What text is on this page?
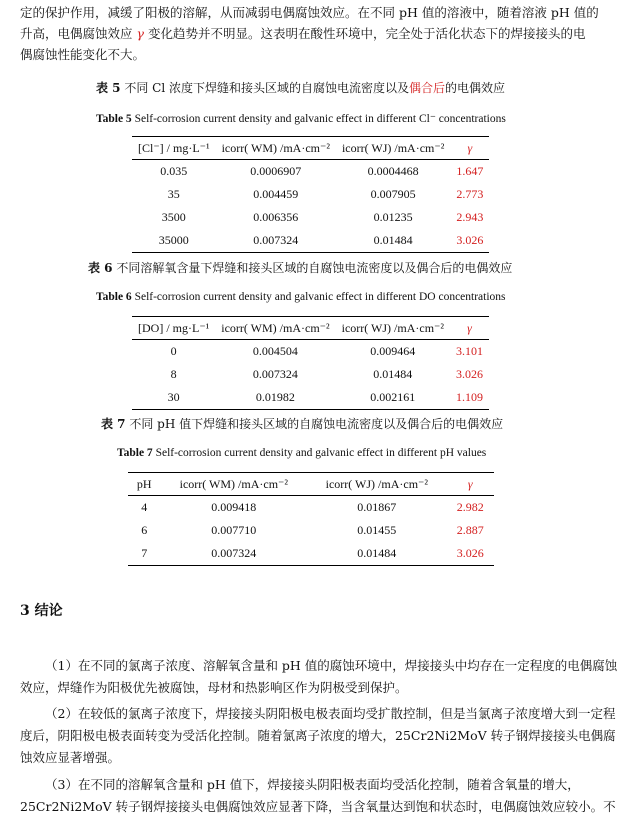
定的保护作用，减缓了阳极的溶解，从而减弱电偶腐蚀效应。在不同 pH 值的溶液中，随着溶液 pH 值的
升高，电偶腐蚀效应 γ 变化趋势并不明显。这表明在酸性环境中，完全处于活化状态下的焊接接头的电
偶腐蚀性能变化不大。
表 5 不同 Cl 浓度下焊缝和接头区域的自腐蚀电流密度以及偶合后的电偶效应
Table 5 Self-corrosion current density and galvanic effect in different Cl⁻ concentrations
[Cl⁻] / mg·L⁻¹	icorr( WM) /mA·cm⁻²	icorr( WJ) /mA·cm⁻²	γ
0.035	0.0006907	0.0004468	1.647
35	0.004459	0.007905	2.773
3500	0.006356	0.01235	2.943
35000	0.007324	0.01484	3.026
表 6 不同溶解氧含量下焊缝和接头区域的自腐蚀电流密度以及偶合后的电偶效应
Table 6 Self-corrosion current density and galvanic effect in different DO concentrations
[DO] / mg·L⁻¹	icorr( WM) /mA·cm⁻²	icorr( WJ) /mA·cm⁻²	γ
0	0.004504	0.009464	3.101
8	0.007324	0.01484	3.026
30	0.01982	0.002161	1.109
表 7 不同 pH 值下焊缝和接头区域的自腐蚀电流密度以及偶合后的电偶效应
Table 7 Self-corrosion current density and galvanic effect in different pH values
pH	icorr( WM) /mA·cm⁻²	icorr( WJ) /mA·cm⁻²	γ
4	0.009418	0.01867	2.982
6	0.007710	0.01455	2.887
7	0.007324	0.01484	3.026
3 结论
（1）在不同的氯离子浓度、溶解氧含量和 pH 值的腐蚀环境中，焊接接头中均存在一定程度的电偶腐蚀效应，焊缝作为阳极优先被腐蚀，母材和热影响区作为阴极受到保护。
（2）在较低的氯离子浓度下，焊接接头阴阳极电极表面均受扩散控制，但是当氯离子浓度增大到一定程度后，阴阳极电极表面转变为受活化控制。随着氯离子浓度的增大，25Cr2Ni2MoV 转子钢焊接接头电偶腐蚀效应显著增强。
（3）在不同的溶解氧含量和 pH 值下，焊接接头阴阳极表面均受活化控制，随着含氧量的增大，25Cr2Ni2MoV 转子钢焊接接头电偶腐蚀效应显著下降，当含氧量达到饱和状态时，电偶腐蚀效应较小。不
